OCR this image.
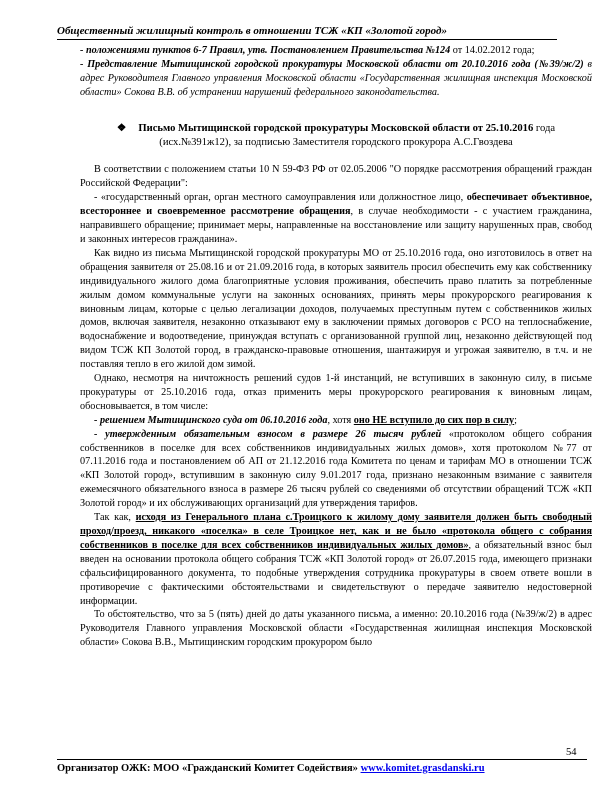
Общественный жилищный контроль в отношении ТСЖ «КП «Золотой город»

- положениями пунктов 6-7 Правил, утв. Постановлением Правительства №124 от 14.02.2012 года;

- Представление Мытищинской городской прокуратуры Московской области от 20.10.2016 года (№39/ж/2) в адрес Руководителя Главного управления Московской области «Государственная жилищная инспекция Московской области» Сокова В.В. об устранении нарушений федерального законодательства.

❖ Письмо Мытищинской городской прокуратуры Московской области от 25.10.2016 года
(исх.№391ж12), за подписью Заместителя городского прокурора А.С.Гвоздева

В соответствии с положением статьи 10 N 59-ФЗ РФ от 02.05.2006 "О порядке рассмотрения обращений граждан Российской Федерации":

- «государственный орган, орган местного самоуправления или должностное лицо, обеспечивает объективное, всестороннее и своевременное рассмотрение обращения, в случае необходимости - с участием гражданина, направившего обращение; принимает меры, направленные на восстановление или защиту нарушенных прав, свобод и законных интересов гражданина».

Как видно из письма Мытищинской городской прокуратуры МО от 25.10.2016 года, оно изготовилось в ответ на обращения заявителя от 25.08.16 и от 21.09.2016 года, в которых заявитель просил обеспечить ему как собственнику индивидуального жилого дома благоприятные условия проживания, обеспечить право платить за потребленные жилым домом коммунальные услуги на законных основаниях, принять меры прокурорского реагирования к виновным лицам, которые с целью легализации доходов, получаемых преступным путем с собственников жилых домов, включая заявителя, незаконно отказывают ему в заключении прямых договоров с РСО на теплоснабжение, водоснабжение и водоотведение, принуждая вступать с организованной группой лиц, незаконно действующей под видом ТСЖ КП Золотой город, в гражданско-правовые отношения, шантажируя и угрожая заявителю, в т.ч. и не поставляя тепло в его жилой дом зимой.

Однако, несмотря на ничтожность решений судов 1-й инстанций, не вступивших в законную силу, в письме прокуратуры от 25.10.2016 года, отказ применить меры прокурорского реагирования к виновным лицам, обосновывается, в том числе:

- решением Мытищинского суда от 06.10.2016 года, хотя оно НЕ вступило до сих пор в силу;

- утвержденным обязательным взносом в размере 26 тысяч рублей «протоколом общего собрания собственников в поселке для всех собственников индивидуальных жилых домов», хотя протоколом №77 от 07.11.2016 года и постановлением об АП от 21.12.2016 года Комитета по ценам и тарифам МО в отношении ТСЖ «КП Золотой город», вступившим в законную силу 9.01.2017 года, признано незаконным взимание с заявителя ежемесячного обязательного взноса в размере 26 тысяч рублей со сведениями об отсутствии обращений ТСЖ «КП Золотой город» и их обслуживающих организаций для утверждения тарифов.

Так как, исходя из Генерального плана с.Троицкого к жилому дому заявителя должен быть свободный проход/проезд, никакого «поселка» в селе Троицкое нет, как и не было «протокола общего с собрания собственников в поселке для всех собственников индивидуальных жилых домов», а обязательный взнос был введен на основании протокола общего собрания ТСЖ «КП Золотой город» от 26.07.2015 года, имеющего признаки сфальсифицированного документа, то подобные утверждения сотрудника прокуратуры в своем ответе вошли в противоречие с фактическими обстоятельствами и свидетельствуют о передаче заявителю недостоверной информации.

То обстоятельство, что за 5 (пять) дней до даты указанного письма, а именно: 20.10.2016 года (№39/ж/2) в адрес Руководителя Главного управления Московской области «Государственная жилищная инспекция Московской области» Сокова В.В., Мытищинским городским прокурором было

54
Организатор ОЖК: МОО «Гражданский Комитет Содействия» www.komitet.grasdanski.ru
